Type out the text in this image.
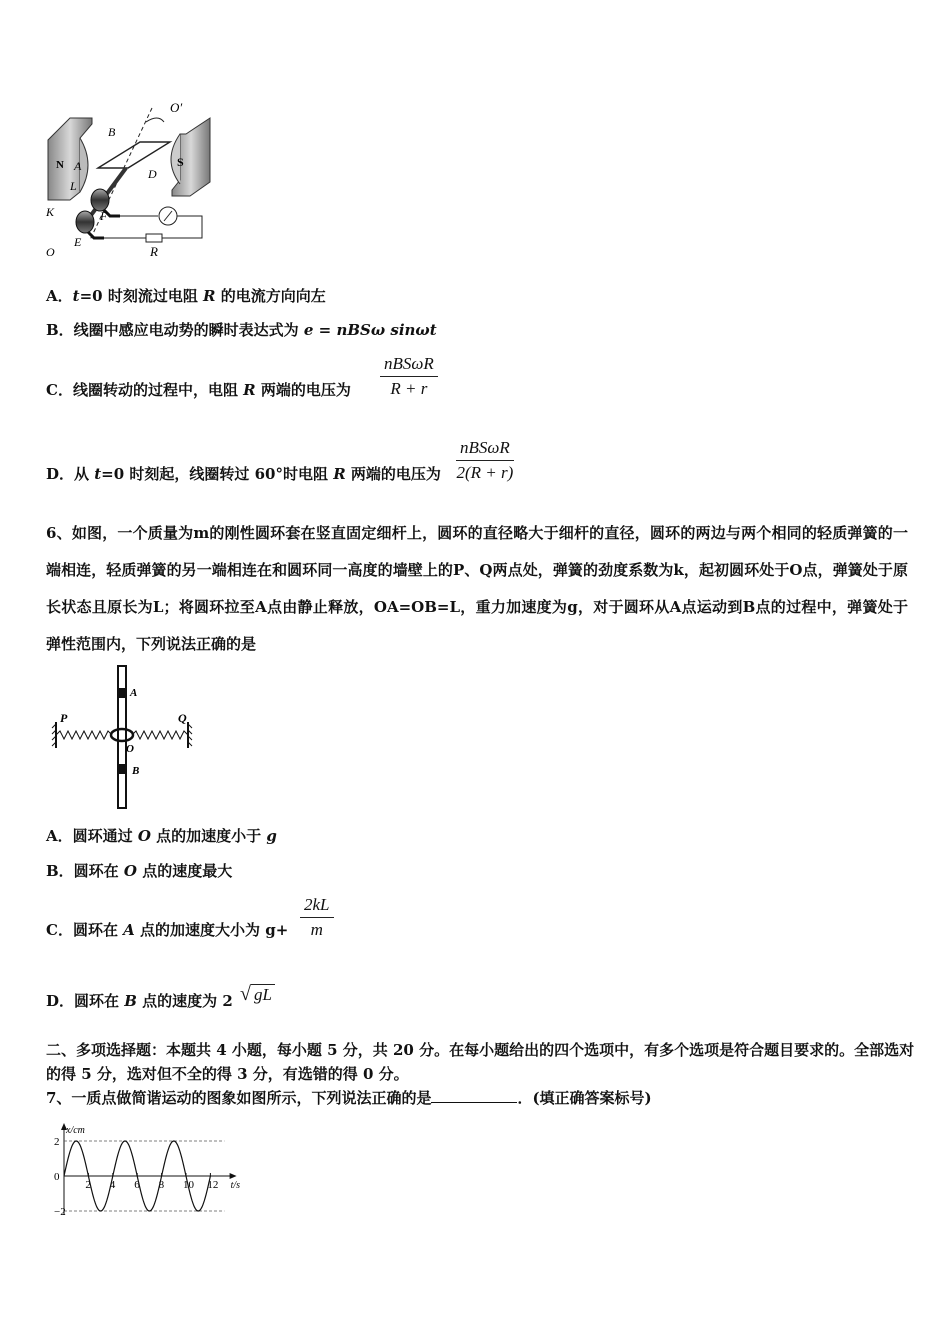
O′
B
N	S
A
D
L
K	F
O
E
R
A．t=0 时刻流过电阻 R 的电流方向向左
B．线圈中感应电动势的瞬时表达式为 e = nBSω sinωt
C．线圈转动的过程中，电阻 R 两端的电压为
nBSωR
R + r
D．从 t=0 时刻起，线圈转过 60°时电阻 R 两端的电压为
nBSωR
2(R + r)
6、如图，一个质量为m的刚性圆环套在竖直固定细杆上，圆环的直径略大于细杆的直径，圆环的两边与两个相同的轻质弹簧的一端相连，轻质弹簧的另一端相连在和圆环同一高度的墙壁上的P、Q两点处，弹簧的劲度系数为k，起初圆环处于O点，弹簧处于原长状态且原长为L；将圆环拉至A点由静止释放，OA=OB=L，重力加速度为g，对于圆环从A点运动到B点的过程中，弹簧处于弹性范围内，下列说法正确的是
P	Q
A
O
B
A．圆环通过 O 点的加速度小于 g
B．圆环在 O 点的速度最大
C．圆环在 A 点的加速度大小为 g+
2kL
m
D．圆环在 B 点的速度为 2 √ gL
二、多项选择题：本题共 4 小题，每小题 5 分，共 20 分。在每小题给出的四个选项中，有多个选项是符合题目要求的。全部选对的得 5 分，选对但不全的得 3 分，有选错的得 0 分。
7、一质点做简谐运动的图象如图所示，下列说法正确的是	．(填正确答案标号)
2
−2
0
2 4 6 8 10 12
x/cm
t/s
